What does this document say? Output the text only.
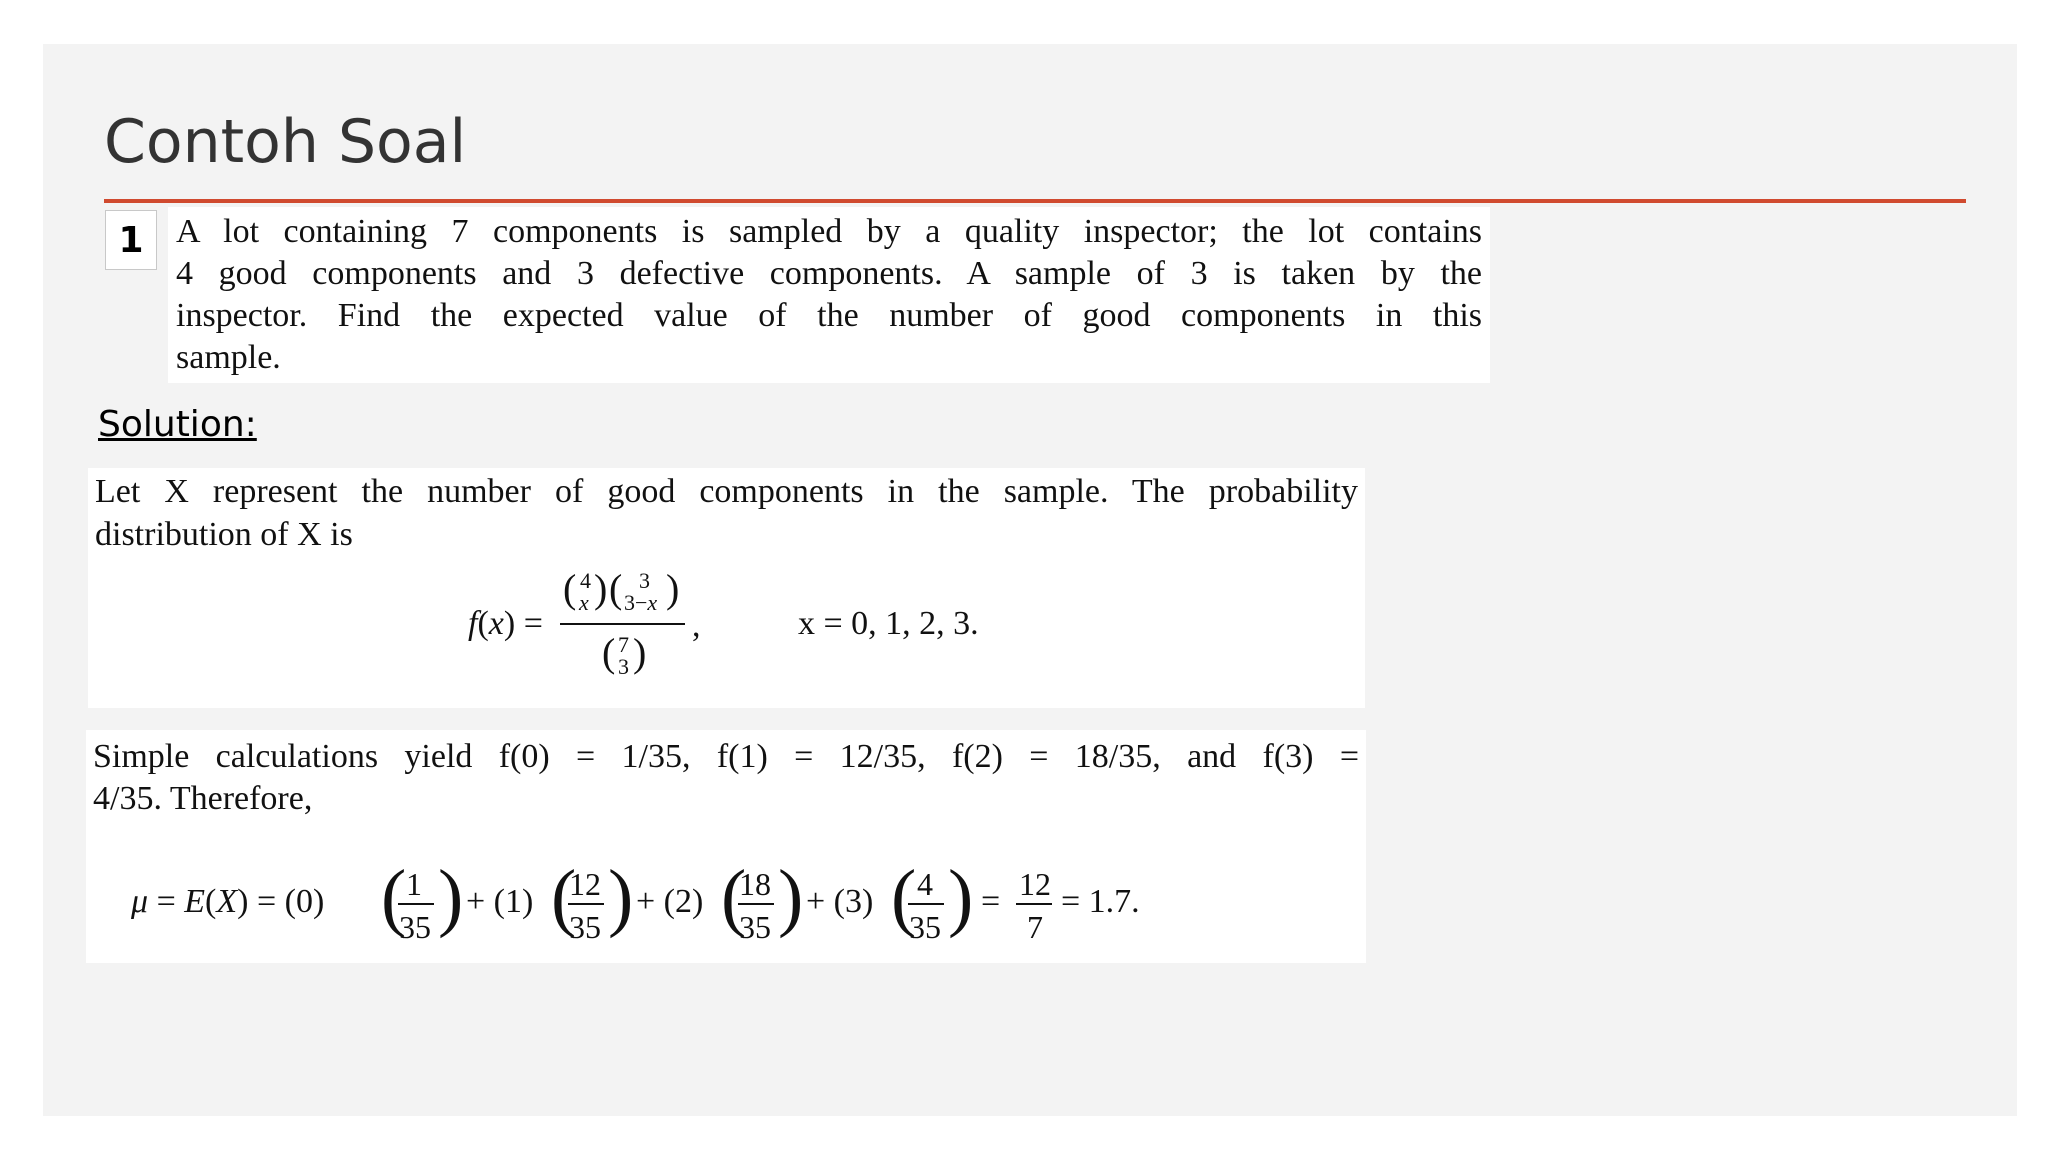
Contoh Soal
1 A lot containing 7 components is sampled by a quality inspector; the lot contains
4 good components and 3 defective components. A sample of 3 is taken by the
inspector. Find the expected value of the number of good components in this
sample.
Solution:
Let X represent the number of good components in the sample. The probability
distribution of X is
f(x) =
( 4
x ) ( 3
3−x )
( 7
3 )
,	x = 0, 1, 2, 3.
Simple calculations yield f(0) = 1/35, f(1) = 12/35, f(2) = 18/35, and f(3) =
4/35. Therefore,
μ = E(X) = (0) ( 1
35 ) + (1) (
12
35 ) + (2) (
18
35 ) + (3) ( 4
35 ) = 12
7
= 1.7.
